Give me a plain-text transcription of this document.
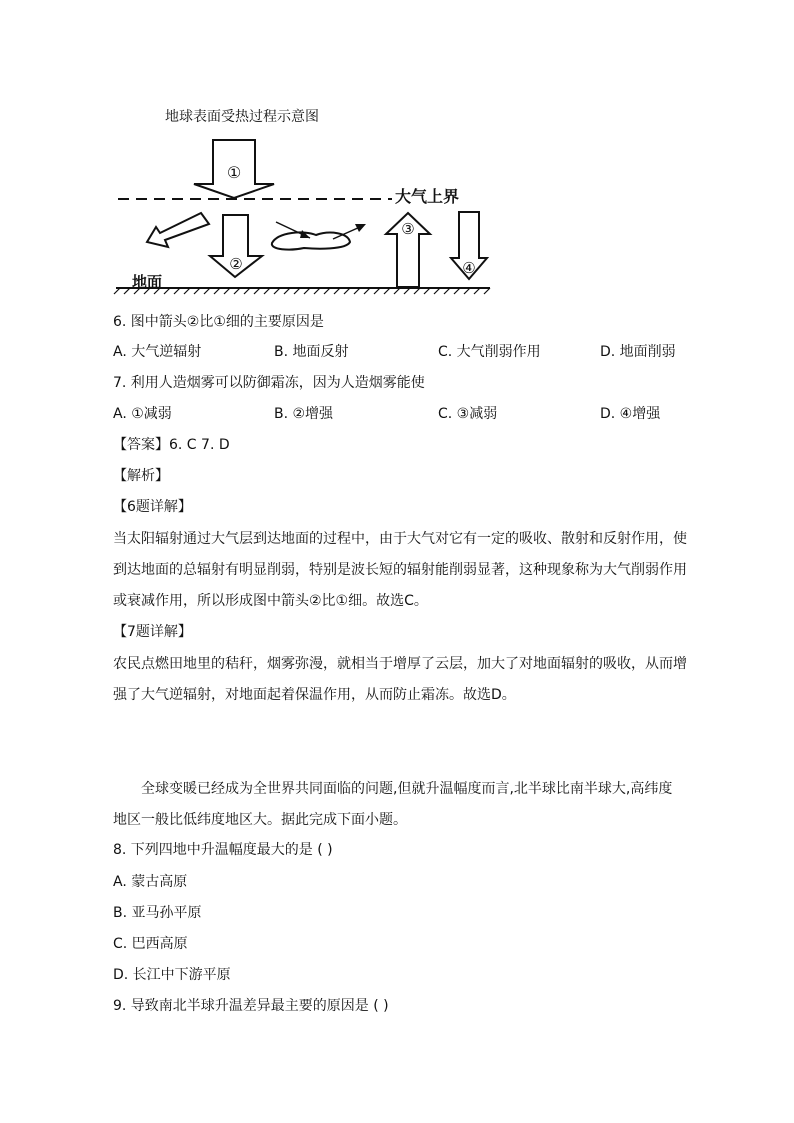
地球表面受热过程示意图
①
②
③
④
大气上界
地面
6. 图中箭头②比①细的主要原因是
A. 大气逆辐射	B. 地面反射	C. 大气削弱作用	D. 地面削弱
7. 利用人造烟雾可以防御霜冻，因为人造烟雾能使
A. ①减弱	B. ②增强	C. ③减弱	D. ④增强
【答案】6. C 7. D
【解析】
【6题详解】
当太阳辐射通过大气层到达地面的过程中，由于大气对它有一定的吸收、散射和反射作用，使到达地面的总辐射有明显削弱，特别是波长短的辐射能削弱显著，这种现象称为大气削弱作用或衰减作用，所以形成图中箭头②比①细。故选C。
【7题详解】
农民点燃田地里的秸秆，烟雾弥漫，就相当于增厚了云层，加大了对地面辐射的吸收，从而增强了大气逆辐射，对地面起着保温作用，从而防止霜冻。故选D。
全球变暖已经成为全世界共同面临的问题,但就升温幅度而言,北半球比南半球大,高纬度地区一般比低纬度地区大。据此完成下面小题。
8. 下列四地中升温幅度最大的是 ( )
A. 蒙古高原
B. 亚马孙平原
C. 巴西高原
D. 长江中下游平原
9. 导致南北半球升温差异最主要的原因是 ( )
